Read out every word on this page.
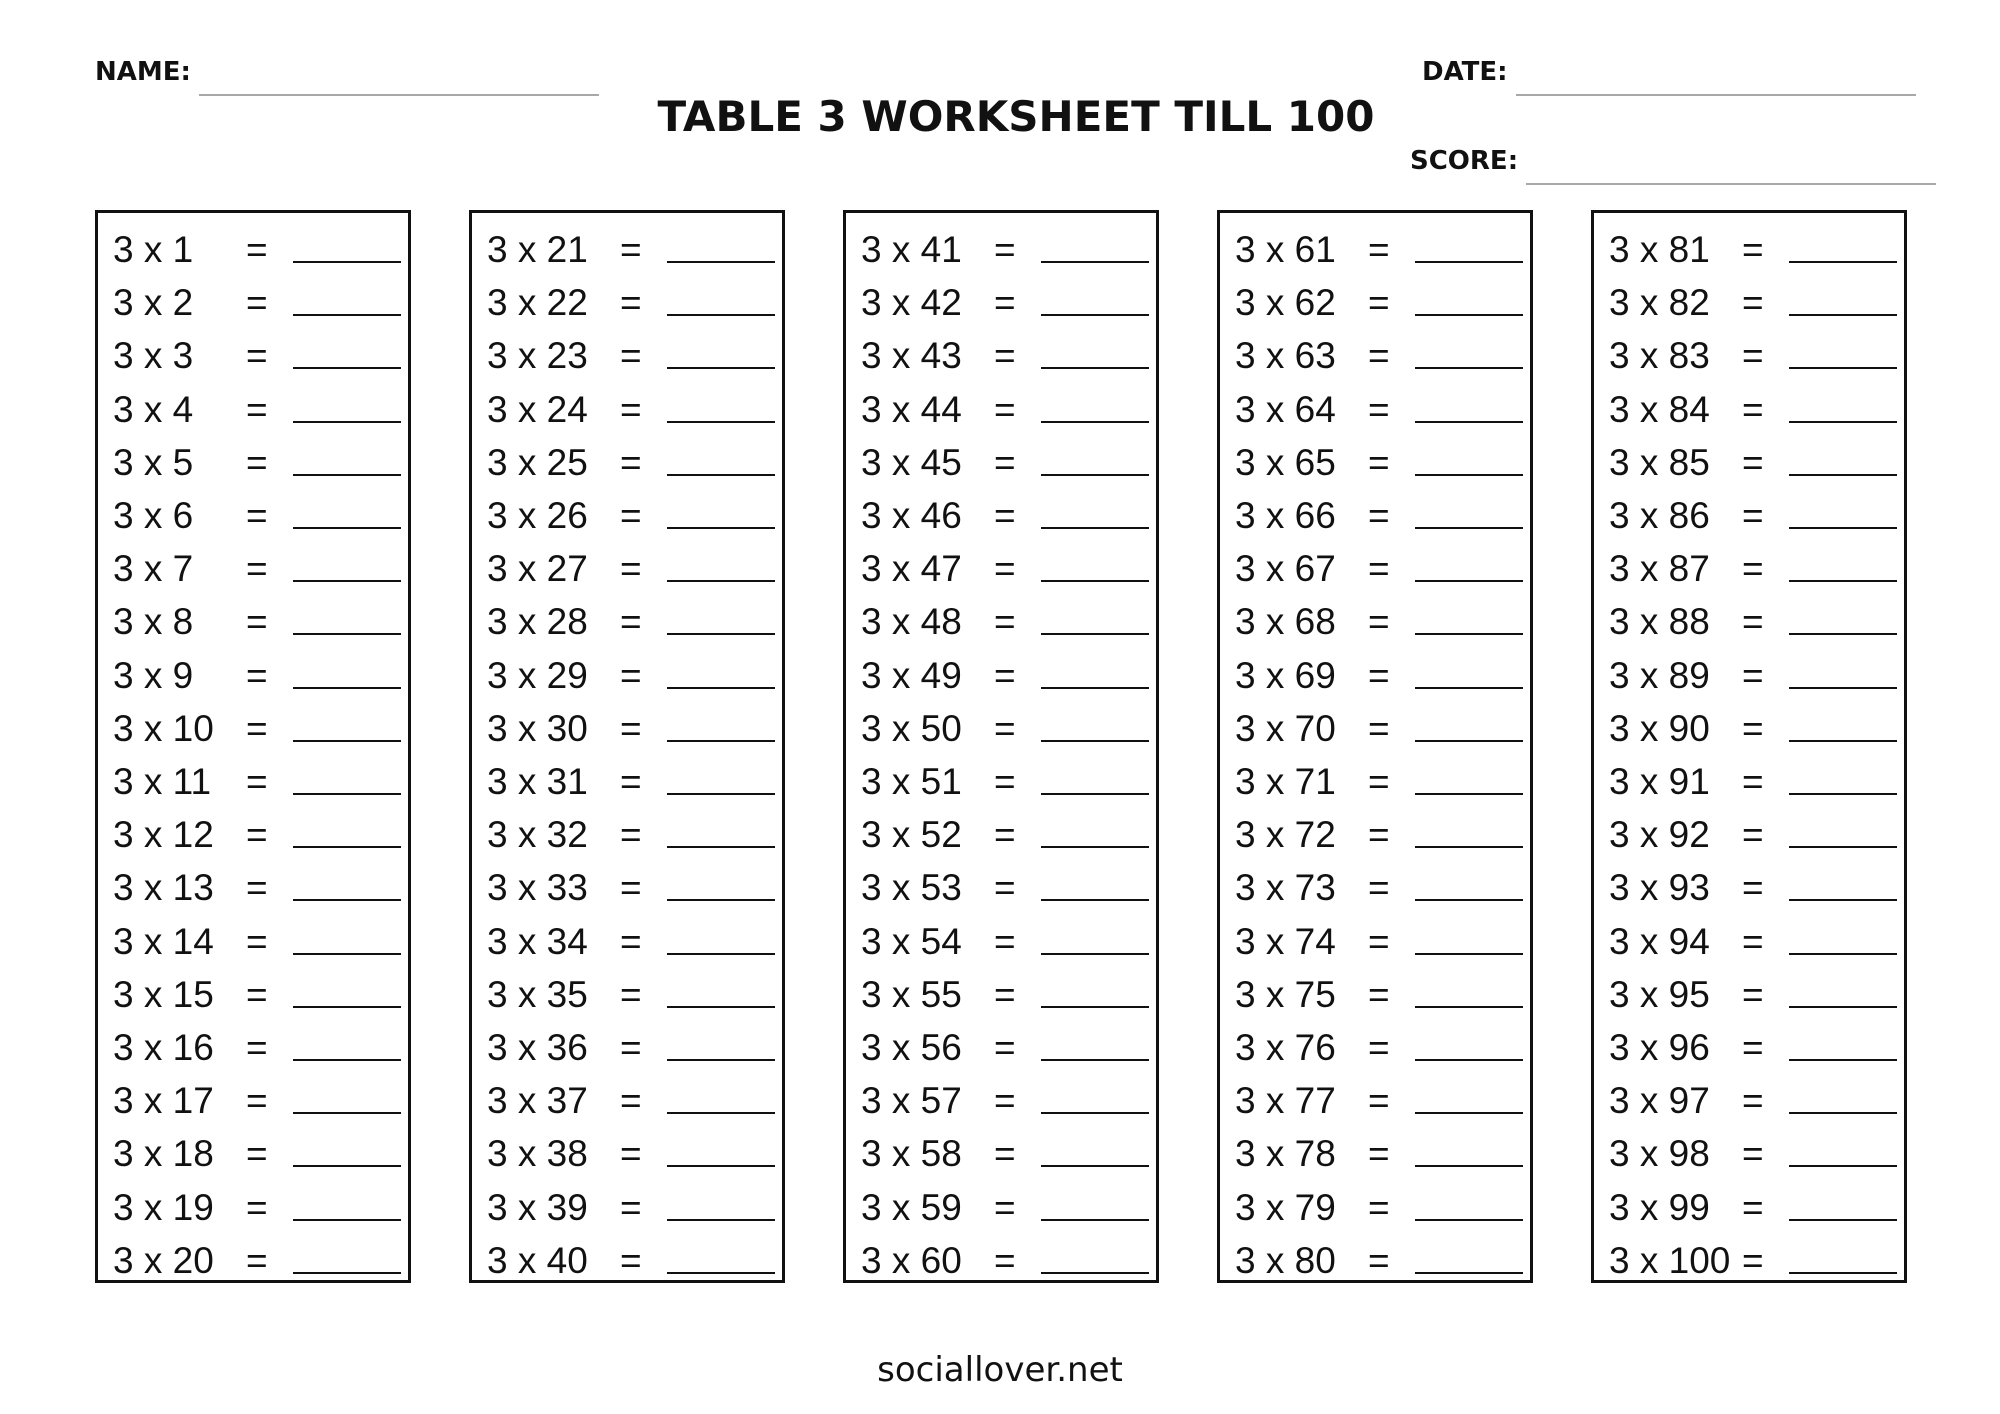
NAME:	DATE:
TABLE 3 WORKSHEET TILL 100
SCORE:
3 x 1 =
3 x 2 =
3 x 3 =
3 x 4 =
3 x 5 =
3 x 6 =
3 x 7 =
3 x 8 =
3 x 9 =
3 x 10 =
3 x 11 =
3 x 12 =
3 x 13 =
3 x 14 =
3 x 15 =
3 x 16 =
3 x 17 =
3 x 18 =
3 x 19 =
3 x 20 =
3 x 21 =
3 x 22 =
3 x 23 =
3 x 24 =
3 x 25 =
3 x 26 =
3 x 27 =
3 x 28 =
3 x 29 =
3 x 30 =
3 x 31 =
3 x 32 =
3 x 33 =
3 x 34 =
3 x 35 =
3 x 36 =
3 x 37 =
3 x 38 =
3 x 39 =
3 x 40 =
3 x 41 =
3 x 42 =
3 x 43 =
3 x 44 =
3 x 45 =
3 x 46 =
3 x 47 =
3 x 48 =
3 x 49 =
3 x 50 =
3 x 51 =
3 x 52 =
3 x 53 =
3 x 54 =
3 x 55 =
3 x 56 =
3 x 57 =
3 x 58 =
3 x 59 =
3 x 60 =
3 x 61 =
3 x 62 =
3 x 63 =
3 x 64 =
3 x 65 =
3 x 66 =
3 x 67 =
3 x 68 =
3 x 69 =
3 x 70 =
3 x 71 =
3 x 72 =
3 x 73 =
3 x 74 =
3 x 75 =
3 x 76 =
3 x 77 =
3 x 78 =
3 x 79 =
3 x 80 =
3 x 81 =
3 x 82 =
3 x 83 =
3 x 84 =
3 x 85 =
3 x 86 =
3 x 87 =
3 x 88 =
3 x 89 =
3 x 90 =
3 x 91 =
3 x 92 =
3 x 93 =
3 x 94 =
3 x 95 =
3 x 96 =
3 x 97 =
3 x 98 =
3 x 99 =
3 x 100 =
sociallover.net
